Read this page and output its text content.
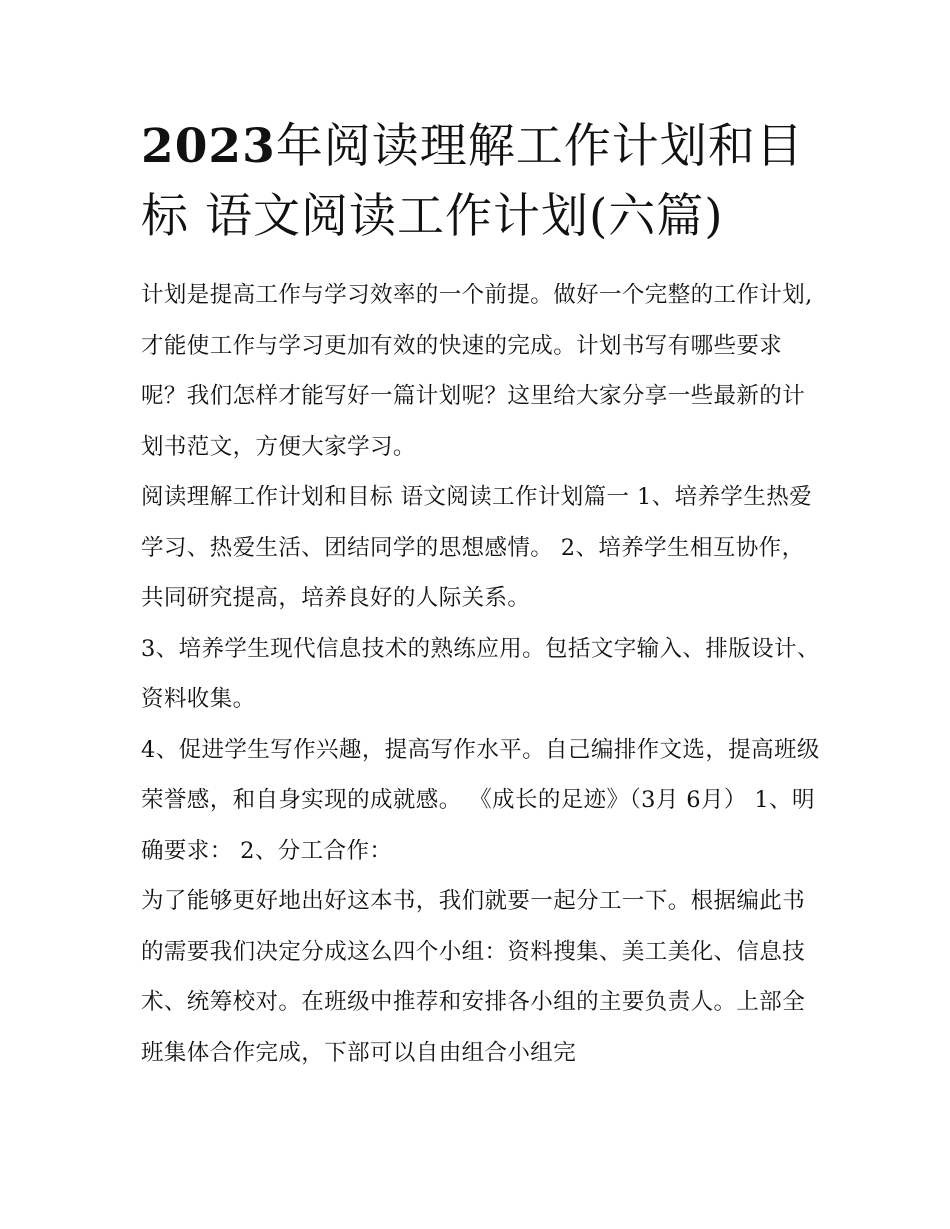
2023年阅读理解工作计划和目标 语文阅读工作计划(六篇)

计划是提高工作与学习效率的一个前提。做好一个完整的工作计划,才能使工作与学习更加有效的快速的完成。计划书写有哪些要求呢？我们怎样才能写好一篇计划呢？这里给大家分享一些最新的计划书范文，方便大家学习。

阅读理解工作计划和目标 语文阅读工作计划篇一 1、培养学生热爱学习、热爱生活、团结同学的思想感情。 2、培养学生相互协作，共同研究提高，培养良好的人际关系。

3、培养学生现代信息技术的熟练应用。包括文字输入、排版设计、资料收集。

4、促进学生写作兴趣，提高写作水平。自己编排作文选，提高班级荣誉感，和自身实现的成就感。 《成长的足迹》（3月 6月） 1、明确要求： 2、分工合作：

为了能够更好地出好这本书，我们就要一起分工一下。根据编此书的需要我们决定分成这么四个小组：资料搜集、美工美化、信息技术、统筹校对。在班级中推荐和安排各小组的主要负责人。上部全班集体合作完成，下部可以自由组合小组完
